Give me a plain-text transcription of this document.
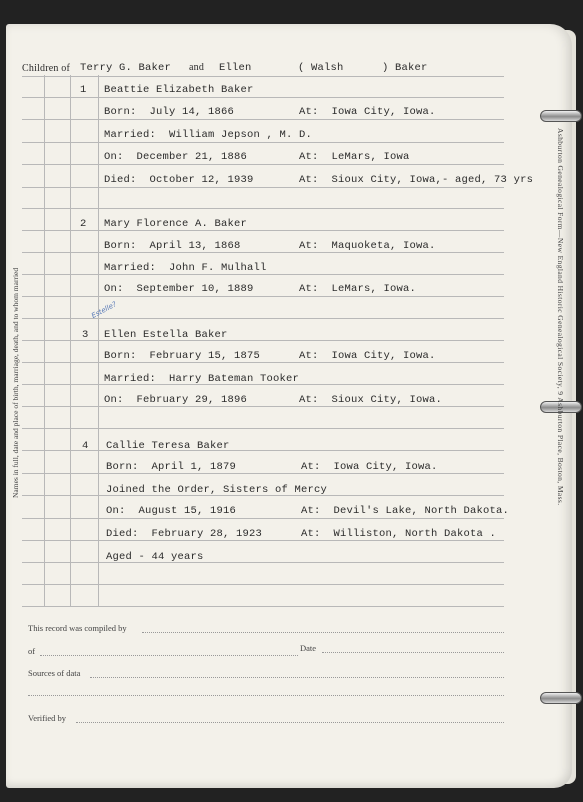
Names in full, date and place of birth, marriage, death, and to whom married	Ashburton Genealogical Form—New England Historic Genealogical Society, 9 Ashburton Place, Boston, Mass.
Children of Terry G. Baker and Ellen	( Walsh	) Baker
1 Beattie Elizabeth Baker
Born:  July 14, 1866          At:  Iowa City, Iowa.
Married:  William Jepson , M. D.
On:  December 21, 1886        At:  LeMars, Iowa
Died:  October 12, 1939       At:  Sioux City, Iowa,- aged, 73 yrs
2 Mary Florence A. Baker
Born:  April 13, 1868         At:  Maquoketa, Iowa.
Married:  John F. Mulhall
On:  September 10, 1889       At:  LeMars, Iowa.
Estelle?
3 Ellen Estella Baker
Born:  February 15, 1875      At:  Iowa City, Iowa.
Married:  Harry Bateman Tooker
On:  February 29, 1896        At:  Sioux City, Iowa.
4 Callie Teresa Baker
Born:  April 1, 1879          At:  Iowa City, Iowa.
Joined the Order, Sisters of Mercy
On:  August 15, 1916          At:  Devil's Lake, North Dakota.
Died:  February 28, 1923      At:  Williston, North Dakota .
Aged - 44 years
This record was compiled by
of	Date
Sources of data
Verified by
